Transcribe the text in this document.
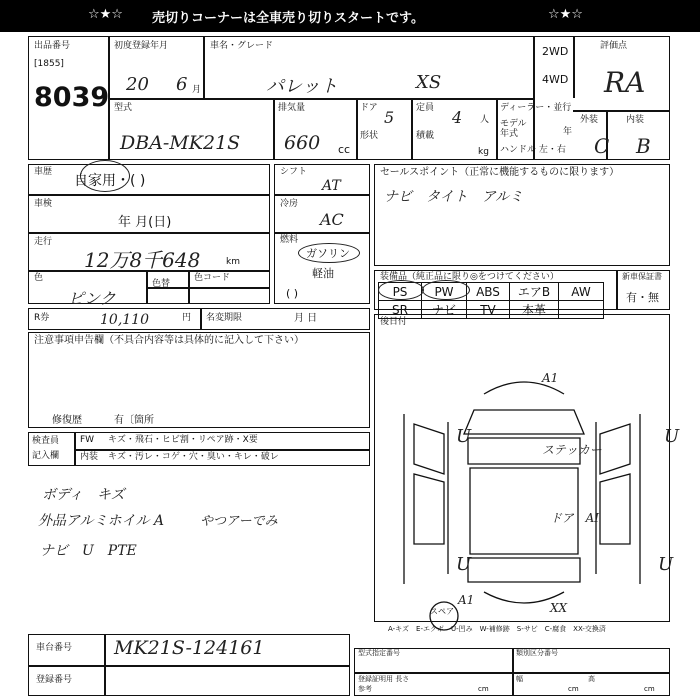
☆★☆ 売切りコーナーは全車売り切りスタートです。	☆★☆
出品番号
[1855]
8039
初度登録年月
20 6 月
車名・グレード
パレット	XS
2WD
4WD
評価点
RA
外装	内装
C B
型式
DBA-MK21S
排気量
660 cc
ドア 5
形状
定員 4 人
積載
kg
ディーラー・並行
モデル年式	年
ハンドル 左・右
車歴
自家用・( )
車検
年 月(日)
走行
12万8千648	km
色
ピンク
色替
色コード
シフト
AT
冷房
AC
燃料
ガソリン
軽油
( )
セールスポイント（正常に機能するものに限ります）
ナビ　タイト　アルミ
装備品（純正品に限り◎をつけてください）	新車保証書
有・無
PS	PW	ABS	エアB	AW
SR	ナビ	TV	本革	
R券	10,110	円 名変期限	月 日
注意事項申告欄（不具合内容等は具体的に記入して下さい）
修復歴	有〔箇所
後日付
A1
U	U
U	U
ステッカー
ドア　AI
A1
XX
スペア
検査員
記入欄
FW キズ・飛石・ヒビ割・リペア跡・X要
内装 キズ・汚レ・コゲ・穴・臭い・キレ・破レ
ボディ　キズ
外品アルミホイル A
ナビ　U　PTE
やつアーでみ
車台番号 MK21S-124161
登録番号
A-キズ　E-エクボ　U-凹み　W-補修跡　S-サビ　C-腐食　XX-交換済
型式指定番号	類別区分番号
登録証明用 長さ
参考	cm
幅	高
cm	cm
